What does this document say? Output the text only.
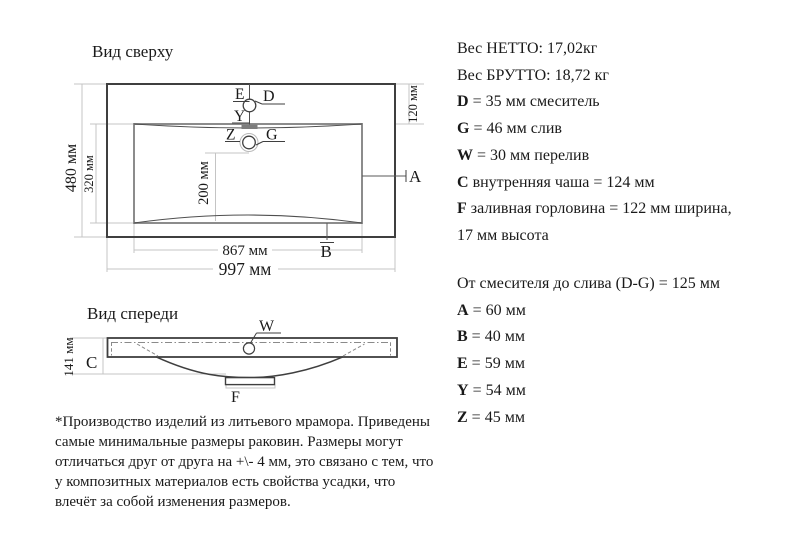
Вид сверху
Вид спереди
E D
Y
Z G
A
B
480 мм 320 мм	200 мм
120 мм
867 мм
997 мм
W
C
F
141 мм
Вес НЕТТО: 17,02кг
Вес БРУТТО: 18,72 кг
D = 35 мм смеситель
G = 46 мм слив
W = 30 мм перелив
C внутренняя чаша = 124 мм
F заливная горловина = 122 мм ширина,
17 мм высота
От смесителя до слива (D-G) = 125 мм
A = 60 мм
B = 40 мм
E = 59 мм
Y = 54 мм
Z = 45 мм
*Производство изделий из литьевого мрамора. Приведены
самые минимальные размеры раковин. Размеры могут
отличаться друг от друга на +\- 4 мм, это связано с тем, что
у композитных материалов есть свойства усадки, что
влечёт за собой изменения размеров.
